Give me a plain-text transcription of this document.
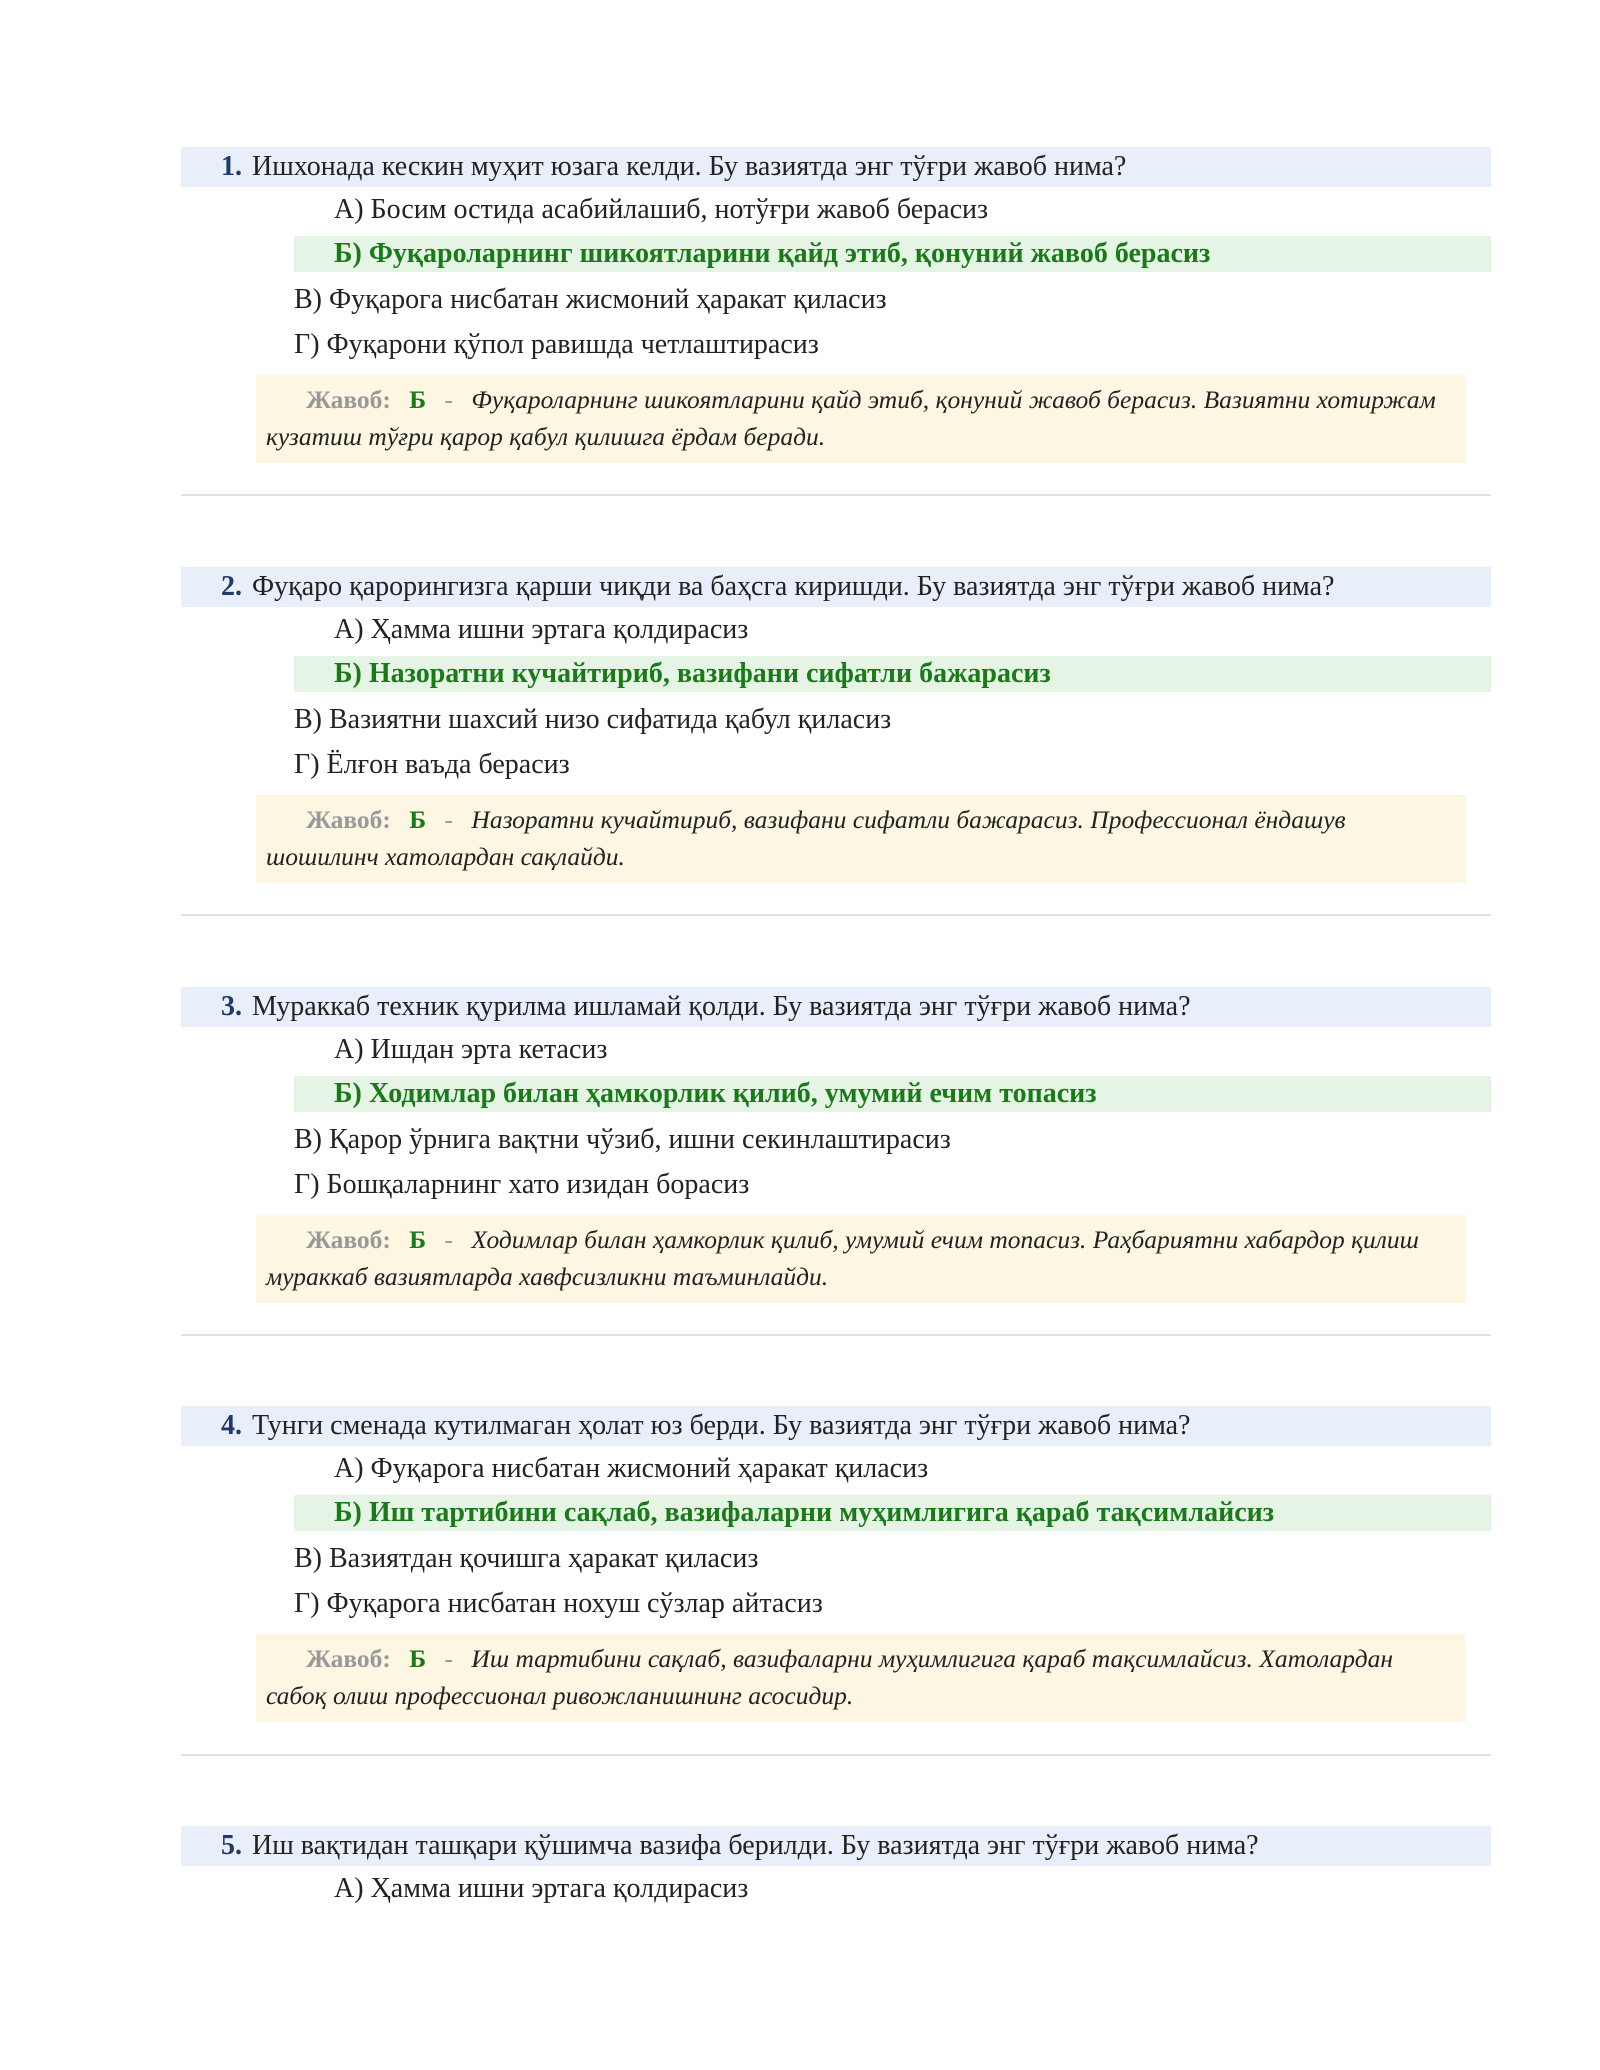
1. Ишхонада кескин муҳит юзага келди. Бу вазиятда энг тўғри жавоб нима?
А) Босим остида асабийлашиб, нотўғри жавоб берасиз
Б) Фуқароларнинг шикоятларини қайд этиб, қонуний жавоб берасиз
В) Фуқарога нисбатан жисмоний ҳаракат қиласиз
Г) Фуқарони қўпол равишда четлаштирасиз
Жавоб: Б - Фуқароларнинг шикоятларини қайд этиб, қонуний жавоб берасиз. Вазиятни хотиржам кузатиш тўғри қарор қабул қилишга ёрдам беради.
2. Фуқаро қарорингизга қарши чиқди ва баҳсга киришди. Бу вазиятда энг тўғри жавоб нима?
А) Ҳамма ишни эртага қолдирасиз
Б) Назоратни кучайтириб, вазифани сифатли бажарасиз
В) Вазиятни шахсий низо сифатида қабул қиласиз
Г) Ёлғон ваъда берасиз
Жавоб: Б - Назоратни кучайтириб, вазифани сифатли бажарасиз. Профессионал ёндашув шошилинч хатолардан сақлайди.
3. Мураккаб техник қурилма ишламай қолди. Бу вазиятда энг тўғри жавоб нима?
А) Ишдан эрта кетасиз
Б) Ходимлар билан ҳамкорлик қилиб, умумий ечим топасиз
В) Қарор ўрнига вақтни чўзиб, ишни секинлаштирасиз
Г) Бошқаларнинг хато изидан борасиз
Жавоб: Б - Ходимлар билан ҳамкорлик қилиб, умумий ечим топасиз. Раҳбариятни хабардор қилиш мураккаб вазиятларда хавфсизликни таъминлайди.
4. Тунги сменада кутилмаган ҳолат юз берди. Бу вазиятда энг тўғри жавоб нима?
А) Фуқарога нисбатан жисмоний ҳаракат қиласиз
Б) Иш тартибини сақлаб, вазифаларни муҳимлигига қараб тақсимлайсиз
В) Вазиятдан қочишга ҳаракат қиласиз
Г) Фуқарога нисбатан нохуш сўзлар айтасиз
Жавоб: Б - Иш тартибини сақлаб, вазифаларни муҳимлигига қараб тақсимлайсиз. Хатолардан сабоқ олиш профессионал ривожланишнинг асосидир.
5. Иш вақтидан ташқари қўшимча вазифа берилди. Бу вазиятда энг тўғри жавоб нима?
А) Ҳамма ишни эртага қолдирасиз
